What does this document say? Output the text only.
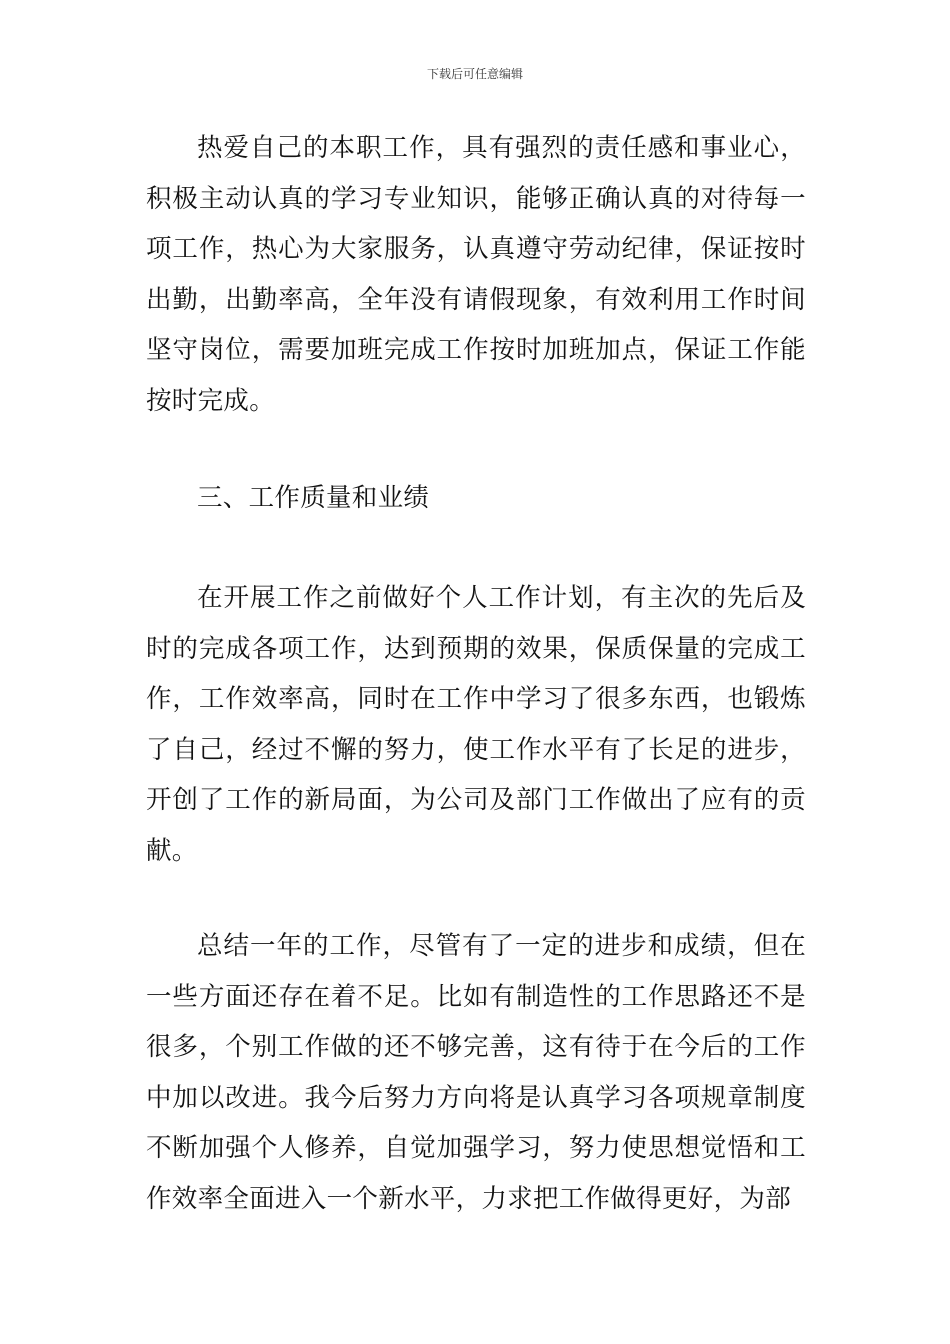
下载后可任意编辑

热爱自己的本职工作，具有强烈的责任感和事业心，积极主动认真的学习专业知识，能够正确认真的对待每一项工作，热心为大家服务，认真遵守劳动纪律，保证按时出勤，出勤率高，全年没有请假现象，有效利用工作时间坚守岗位，需要加班完成工作按时加班加点，保证工作能按时完成。

三、工作质量和业绩

在开展工作之前做好个人工作计划，有主次的先后及时的完成各项工作，达到预期的效果，保质保量的完成工作，工作效率高，同时在工作中学习了很多东西，也锻炼了自己，经过不懈的努力，使工作水平有了长足的进步，开创了工作的新局面，为公司及部门工作做出了应有的贡献。

总结一年的工作，尽管有了一定的进步和成绩，但在一些方面还存在着不足。比如有制造性的工作思路还不是很多，个别工作做的还不够完善，这有待于在今后的工作中加以改进。我今后努力方向将是认真学习各项规章制度不断加强个人修养，自觉加强学习，努力使思想觉悟和工作效率全面进入一个新水平，力求把工作做得更好，为部
